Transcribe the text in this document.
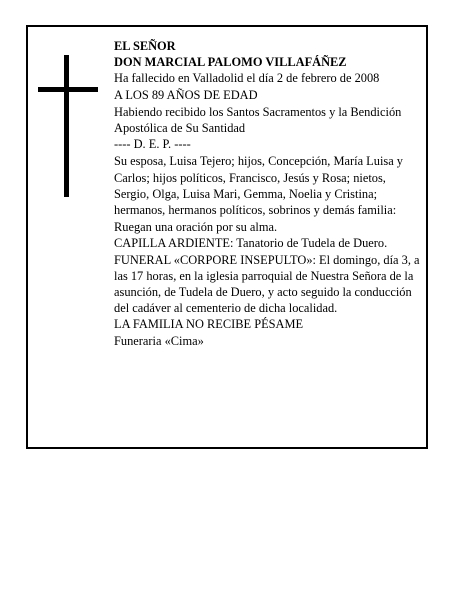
EL SEÑOR

DON MARCIAL PALOMO VILLAFÁÑEZ

Ha fallecido en Valladolid el día 2 de febrero de 2008

A LOS 89 AÑOS DE EDAD

Habiendo recibido los Santos Sacramentos y la Bendición Apostólica de Su Santidad

---- D. E. P. ----

Su esposa, Luisa Tejero; hijos, Concepción, María Luisa y Carlos; hijos políticos, Francisco, Jesús y Rosa; nietos, Sergio, Olga, Luisa Mari, Gemma, Noelia y Cristina; hermanos, hermanos políticos, sobrinos y demás familia:

Ruegan una oración por su alma.

CAPILLA ARDIENTE: Tanatorio de Tudela de Duero.

FUNERAL «CORPORE INSEPULTO»: El domingo, día 3, a las 17 horas, en la iglesia parroquial de Nuestra Señora de la asunción, de Tudela de Duero, y acto seguido la conducción del cadáver al cementerio de dicha localidad.

LA FAMILIA NO RECIBE PÉSAME

Funeraria «Cima»
